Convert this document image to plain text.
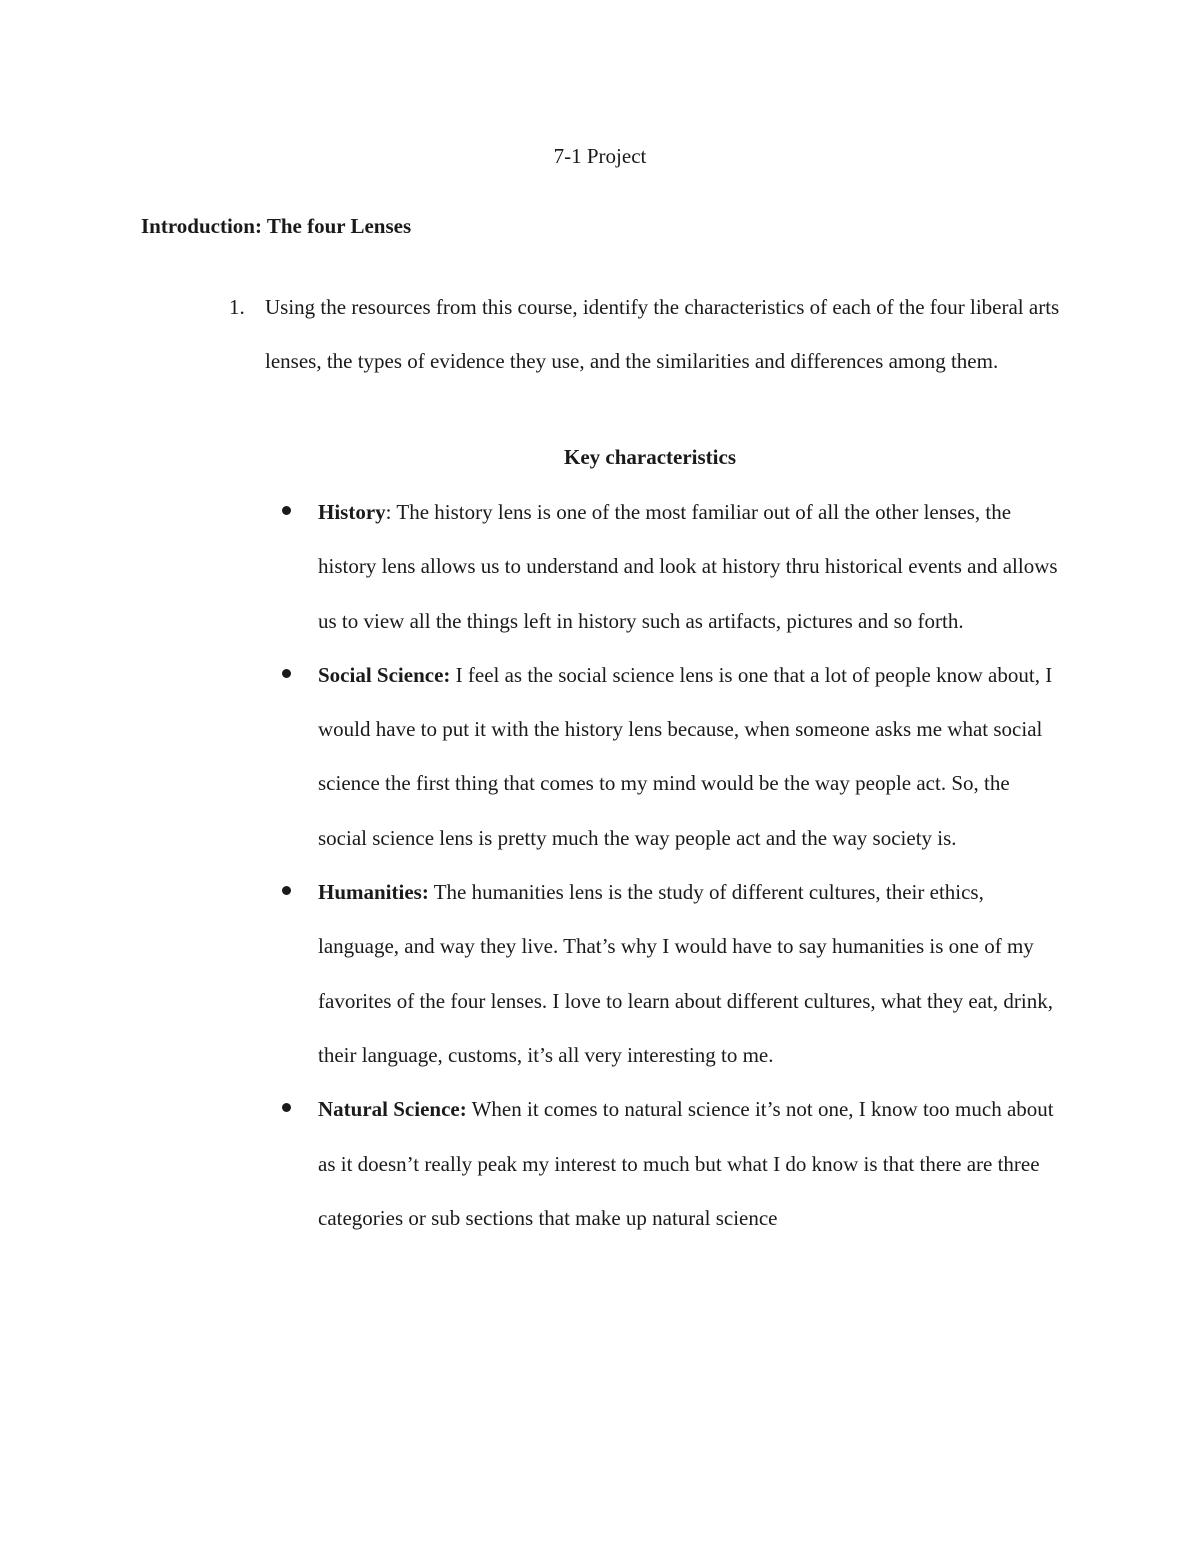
7-1 Project
Introduction: The four Lenses
1. Using the resources from this course, identify the characteristics of each of the four liberal arts lenses, the types of evidence they use, and the similarities and differences among them.
Key characteristics
History: The history lens is one of the most familiar out of all the other lenses, the history lens allows us to understand and look at history thru historical events and allows us to view all the things left in history such as artifacts, pictures and so forth.
Social Science: I feel as the social science lens is one that a lot of people know about, I would have to put it with the history lens because, when someone asks me what social science the first thing that comes to my mind would be the way people act. So, the social science lens is pretty much the way people act and the way society is.
Humanities: The humanities lens is the study of different cultures, their ethics, language, and way they live. That’s why I would have to say humanities is one of my favorites of the four lenses. I love to learn about different cultures, what they eat, drink, their language, customs, it’s all very interesting to me.
Natural Science: When it comes to natural science it’s not one, I know too much about as it doesn’t really peak my interest to much but what I do know is that there are three categories or sub sections that make up natural science
